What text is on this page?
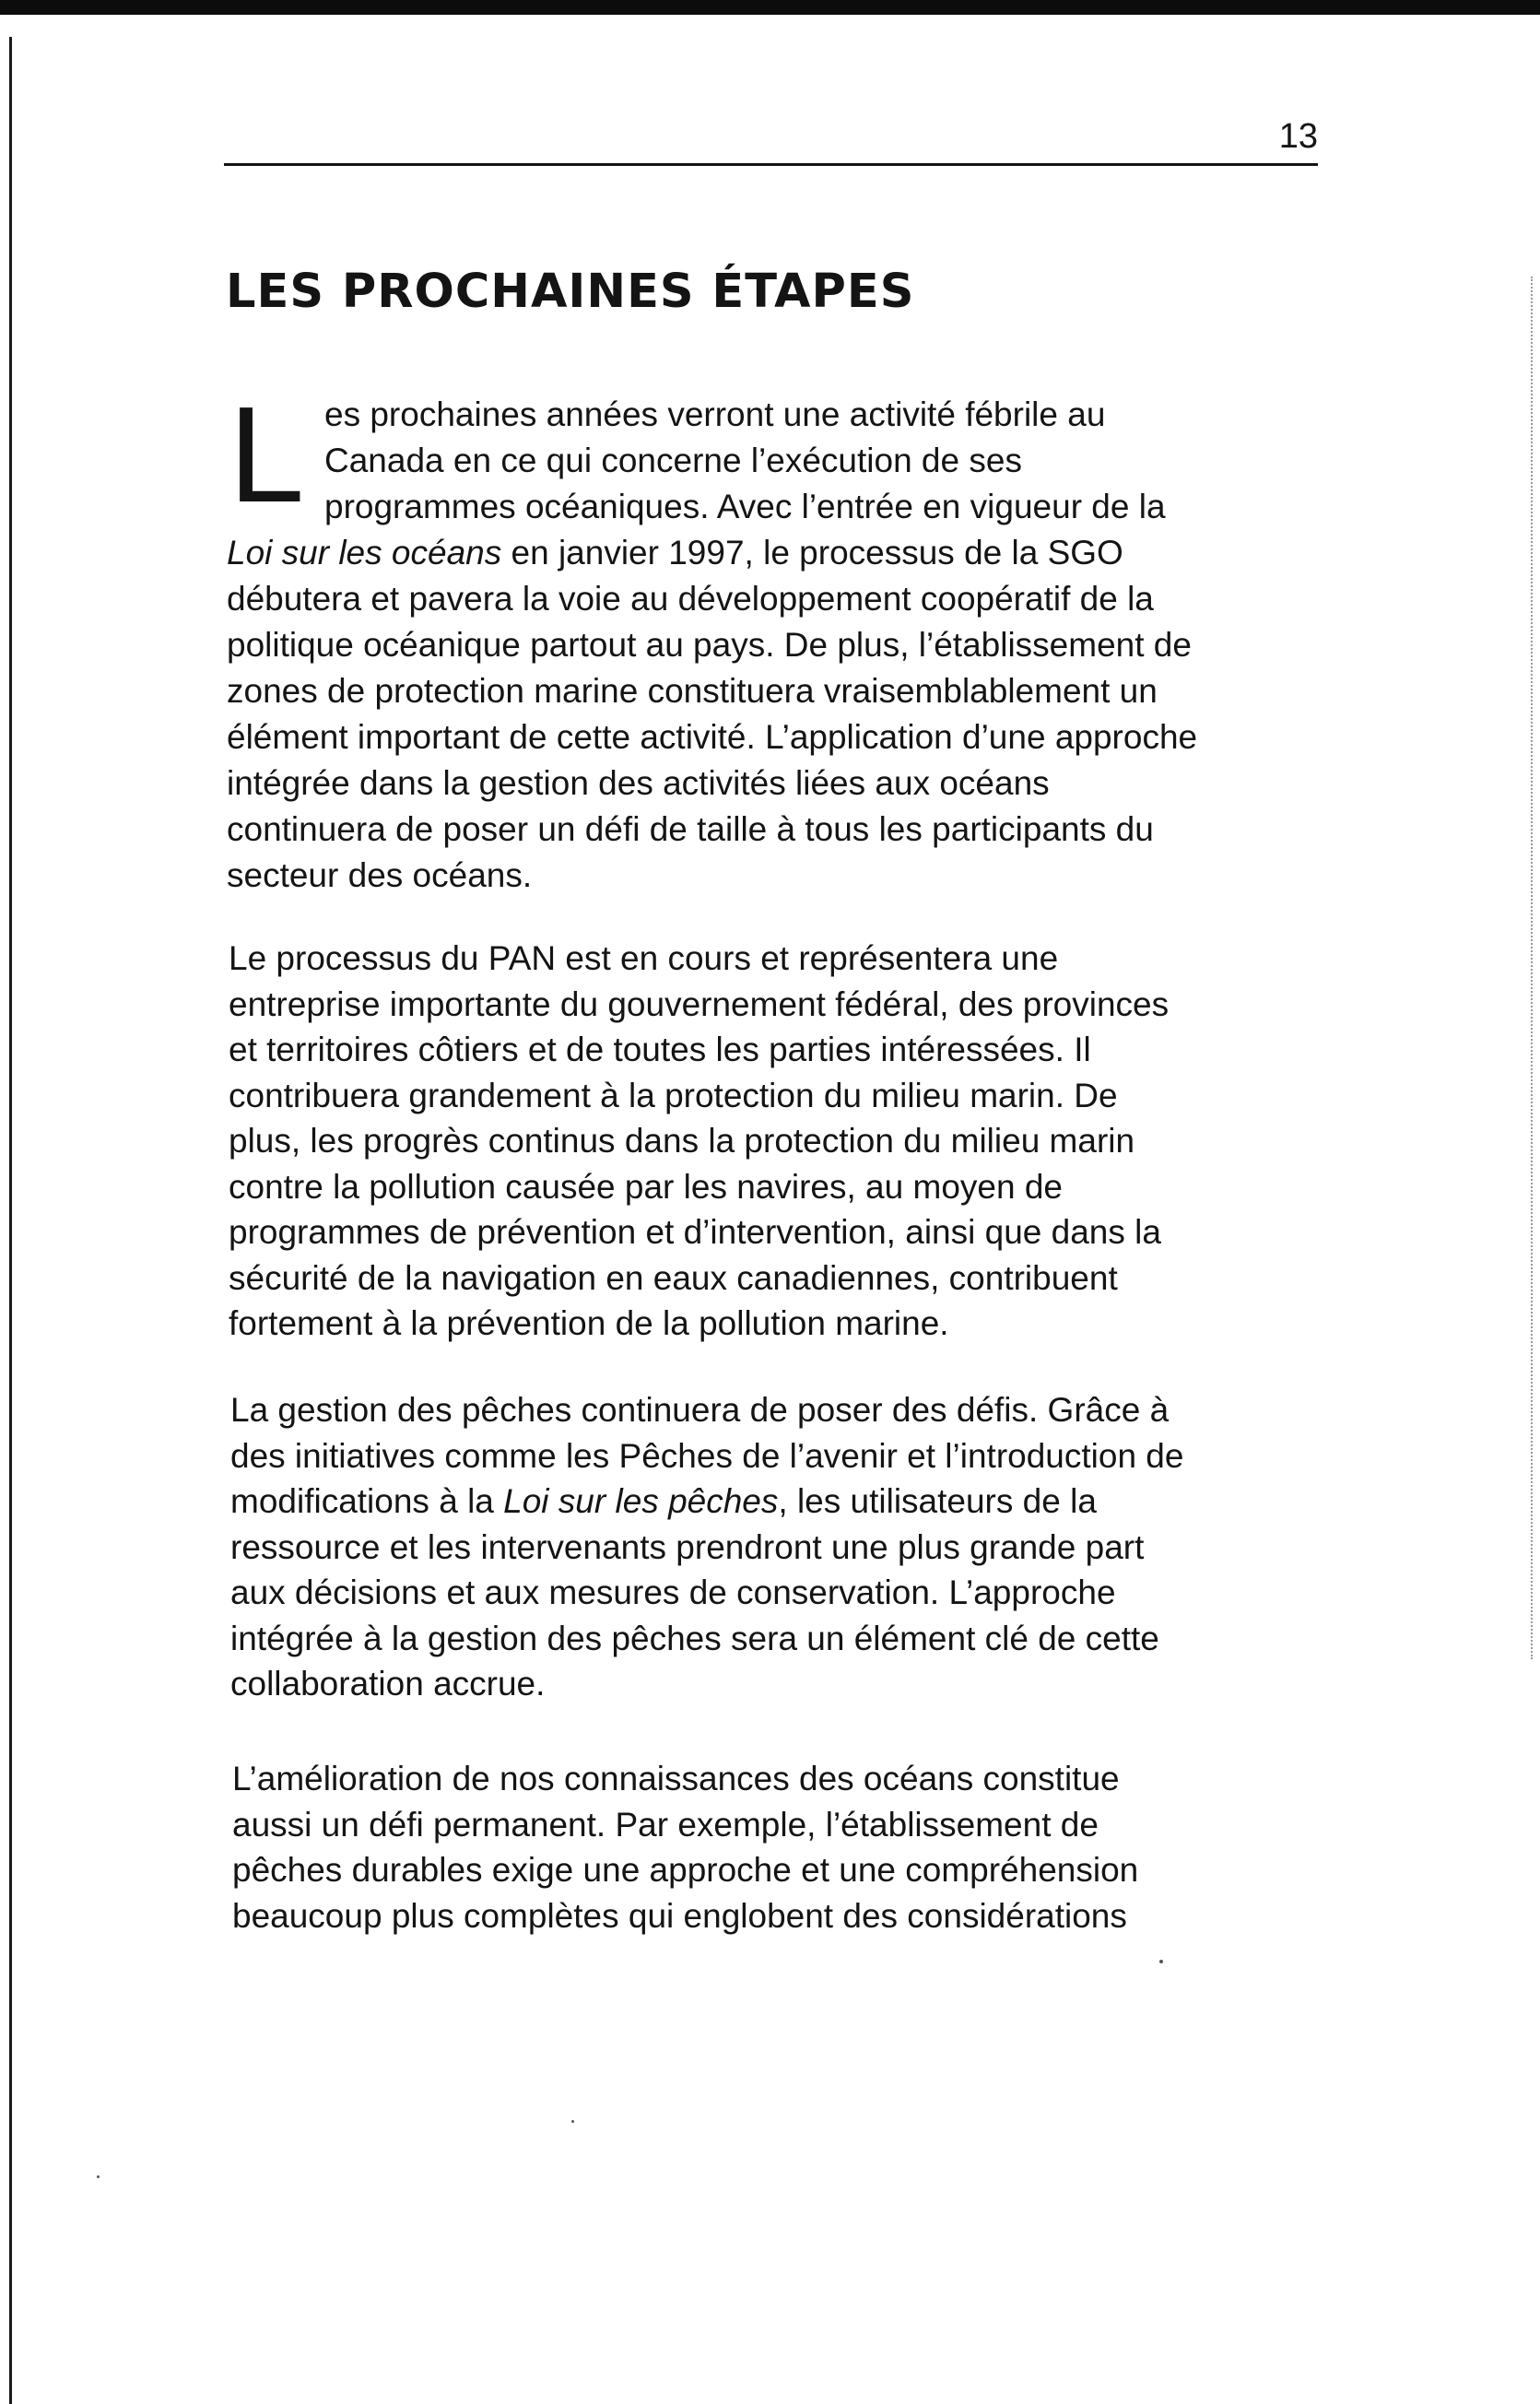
13
LES PROCHAINES ÉTAPES
L es prochaines années verront une activité fébrile au
Canada en ce qui concerne l’exécution de ses
programmes océaniques. Avec l’entrée en vigueur de la
Loi sur les océans en janvier 1997, le processus de la SGO
débutera et pavera la voie au développement coopératif de la
politique océanique partout au pays. De plus, l’établissement de
zones de protection marine constituera vraisemblablement un
élément important de cette activité. L’application d’une approche
intégrée dans la gestion des activités liées aux océans
continuera de poser un défi de taille à tous les participants du
secteur des océans.
Le processus du PAN est en cours et représentera une
entreprise importante du gouvernement fédéral, des provinces
et territoires côtiers et de toutes les parties intéressées. Il
contribuera grandement à la protection du milieu marin. De
plus, les progrès continus dans la protection du milieu marin
contre la pollution causée par les navires, au moyen de
programmes de prévention et d’intervention, ainsi que dans la
sécurité de la navigation en eaux canadiennes, contribuent
fortement à la prévention de la pollution marine.
La gestion des pêches continuera de poser des défis. Grâce à
des initiatives comme les Pêches de l’avenir et l’introduction de
modifications à la Loi sur les pêches, les utilisateurs de la
ressource et les intervenants prendront une plus grande part
aux décisions et aux mesures de conservation. L’approche
intégrée à la gestion des pêches sera un élément clé de cette
collaboration accrue.
L’amélioration de nos connaissances des océans constitue
aussi un défi permanent. Par exemple, l’établissement de
pêches durables exige une approche et une compréhension
beaucoup plus complètes qui englobent des considérations
